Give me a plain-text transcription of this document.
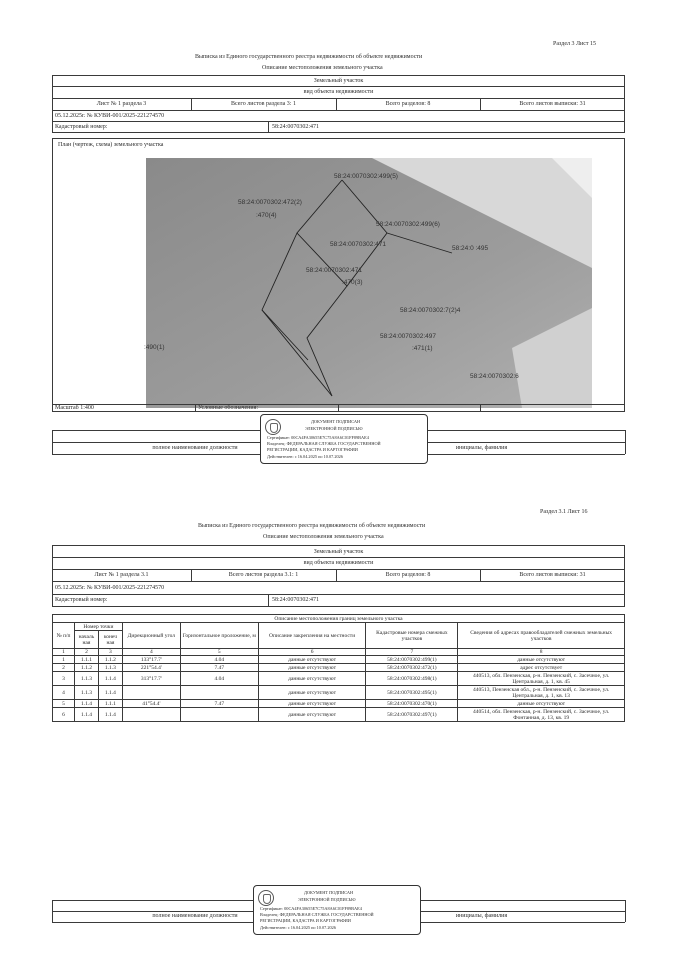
Раздел 3 Лист 15
Выписка из Единого государственного реестра недвижимости об объекте недвижимости
Описание местоположения земельного участка
Земельный участок
вид объекта недвижимости
Лист № 1 раздела 3	Всего листов раздела 3: 1	Всего разделов: 8	Всего листов выписки: 31
05.12.2025г. № КУВИ-001/2025-221274570
Кадастровый номер:	58:24:0070302:471
План (чертеж, схема) земельного участка
58:24:0070302:499(5)
58:24:0070302:472(2)
:470(4)
58:24:0070302:499(6)
58:24:0070302:471
58:24:0 :495
58:24:0070302:471
:470(3)
58:24:0070302:7(2)4
58:24:0070302:497
:471(1)
:490(1)
58:24:0070302:6
Масштаб 1:400	Условные обозначения:
полное наименование должности	инициалы, фамилия
ДОКУМЕНТ ПОДПИСАН
ЭЛЕКТРОННОЙ ПОДПИСЬЮ
Сертификат: 00CA4FA30655E7C75A8A6C01FF89BAE4
Владелец: ФЕДЕРАЛЬНАЯ СЛУЖБА ГОСУДАРСТВЕННОЙ
РЕГИСТРАЦИИ, КАДАСТРА И КАРТОГРАФИИ
Действителен: с 16.04.2025 по 10.07.2026
Раздел 3.1 Лист 16
Выписка из Единого государственного реестра недвижимости об объекте недвижимости
Описание местоположения земельного участка
Земельный участок
вид объекта недвижимости
Лист № 1 раздела 3.1	Всего листов раздела 3.1: 1	Всего разделов: 8	Всего листов выписки: 31
05.12.2025г. № КУВИ-001/2025-221274570
Кадастровый номер:	58:24:0070302:471
Описание местоположения границ земельного участка							
№ п/п	Номер точки		Дирекционный угол	Горизонтальное проложение, м	Описание закрепления на местности	Кадастровые номера смежных участков	Сведения об адресах правообладателей смежных земельных участков
	началь ная	конеч ная					
1	2	3	4	5	6	7	8
1	1.1.1	1.1.2	133°17.7'	4.04	данные отсутствуют	58:24:0070302:499(1)	данные отсутствуют
2	1.1.2	1.1.3	221°54.4'	7.47	данные отсутствуют	58:24:0070302:472(1)	адрес отсутствует
3	1.1.3	1.1.4	313°17.7'	4.04	данные отсутствуют	58:24:0070302:498(1)	440513, обл. Пензенская, р-н. Пензенский, с. Засечное, ул. Центральная, д. 1, кв. 45
4	1.1.3	1.1.4			данные отсутствуют	58:24:0070302:495(1)	440513, Пензенская обл., р-н. Пензенский, с. Засечное, ул. Центральная, д. 1, кв. 13
5	1.1.4	1.1.1	41°54.4'	7.47	данные отсутствуют	58:24:0070302:470(1)	данные отсутствуют
6	1.1.4	1.1.4			данные отсутствуют	58:24:0070302:497(1)	440514, обл. Пензенская, р-н. Пензенский, с. Засечное, ул. Фонтанная, д. 13, кв. 19
полное наименование должности	инициалы, фамилия
ДОКУМЕНТ ПОДПИСАН
ЭЛЕКТРОННОЙ ПОДПИСЬЮ
Сертификат: 00CA4FA30655E7C75A8A6C01FF89BAE4
Владелец: ФЕДЕРАЛЬНАЯ СЛУЖБА ГОСУДАРСТВЕННОЙ
РЕГИСТРАЦИИ, КАДАСТРА И КАРТОГРАФИИ
Действителен: с 16.04.2025 по 10.07.2026
